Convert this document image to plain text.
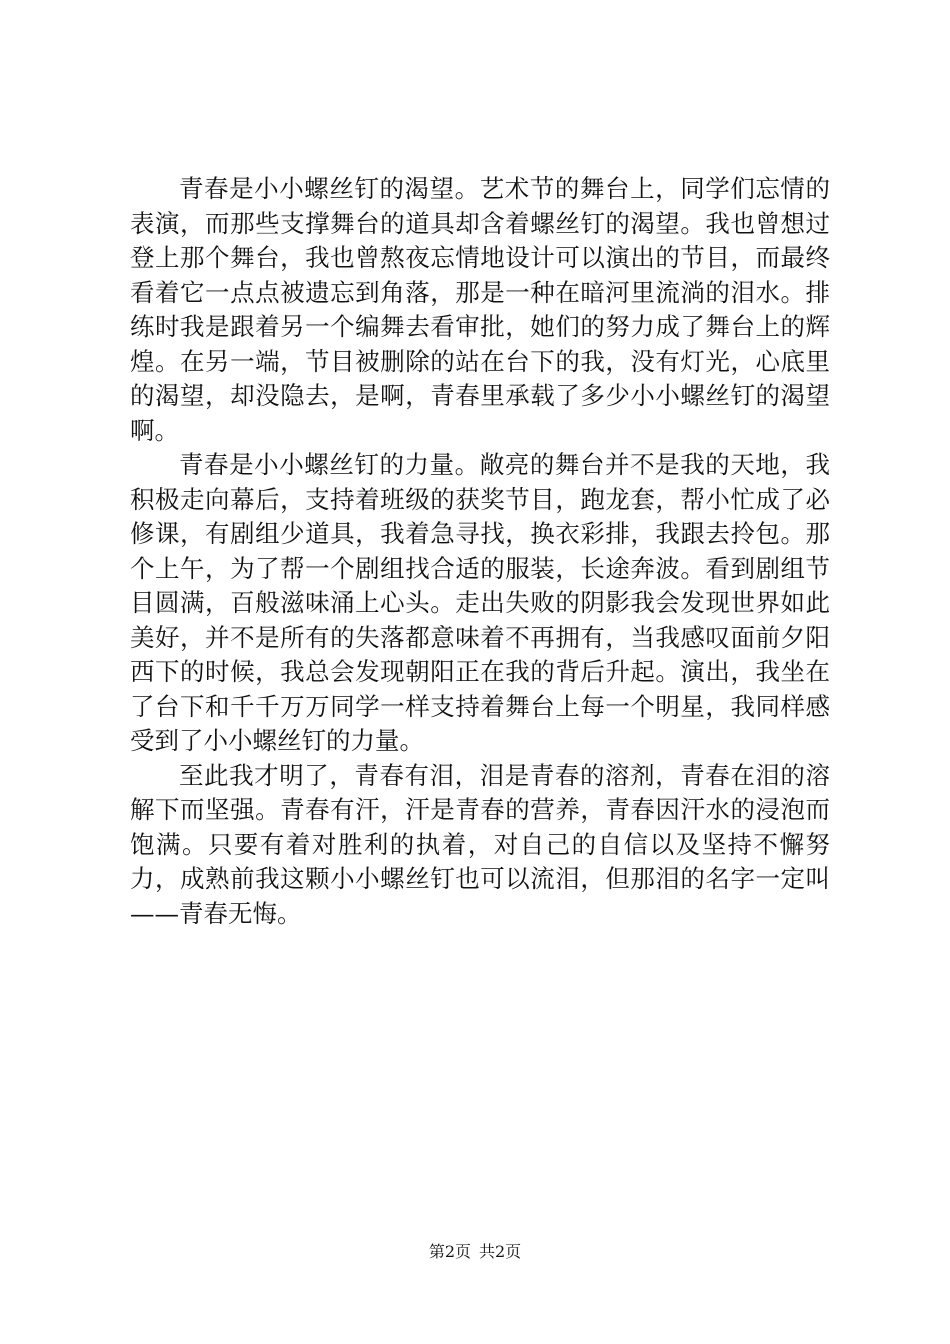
青春是小小螺丝钉的渴望。艺术节的舞台上，同学们忘情的表演，而那些支撑舞台的道具却含着螺丝钉的渴望。我也曾想过登上那个舞台，我也曾熬夜忘情地设计可以演出的节目，而最终看着它一点点被遗忘到角落，那是一种在暗河里流淌的泪水。排练时我是跟着另一个编舞去看审批，她们的努力成了舞台上的辉煌。在另一端，节目被删除的站在台下的我，没有灯光，心底里的渴望，却没隐去，是啊，青春里承载了多少小小螺丝钉的渴望啊。

青春是小小螺丝钉的力量。敞亮的舞台并不是我的天地，我积极走向幕后，支持着班级的获奖节目，跑龙套，帮小忙成了必修课，有剧组少道具，我着急寻找，换衣彩排，我跟去拎包。那个上午，为了帮一个剧组找合适的服装，长途奔波。看到剧组节目圆满，百般滋味涌上心头。走出失败的阴影我会发现世界如此美好，并不是所有的失落都意味着不再拥有，当我感叹面前夕阳西下的时候，我总会发现朝阳正在我的背后升起。演出，我坐在了台下和千千万万同学一样支持着舞台上每一个明星，我同样感受到了小小螺丝钉的力量。

至此我才明了，青春有泪，泪是青春的溶剂，青春在泪的溶解下而坚强。青春有汗，汗是青春的营养，青春因汗水的浸泡而饱满。只要有着对胜利的执着，对自己的自信以及坚持不懈努力，成熟前我这颗小小螺丝钉也可以流泪，但那泪的名字一定叫——青春无悔。

第2页 共2页
